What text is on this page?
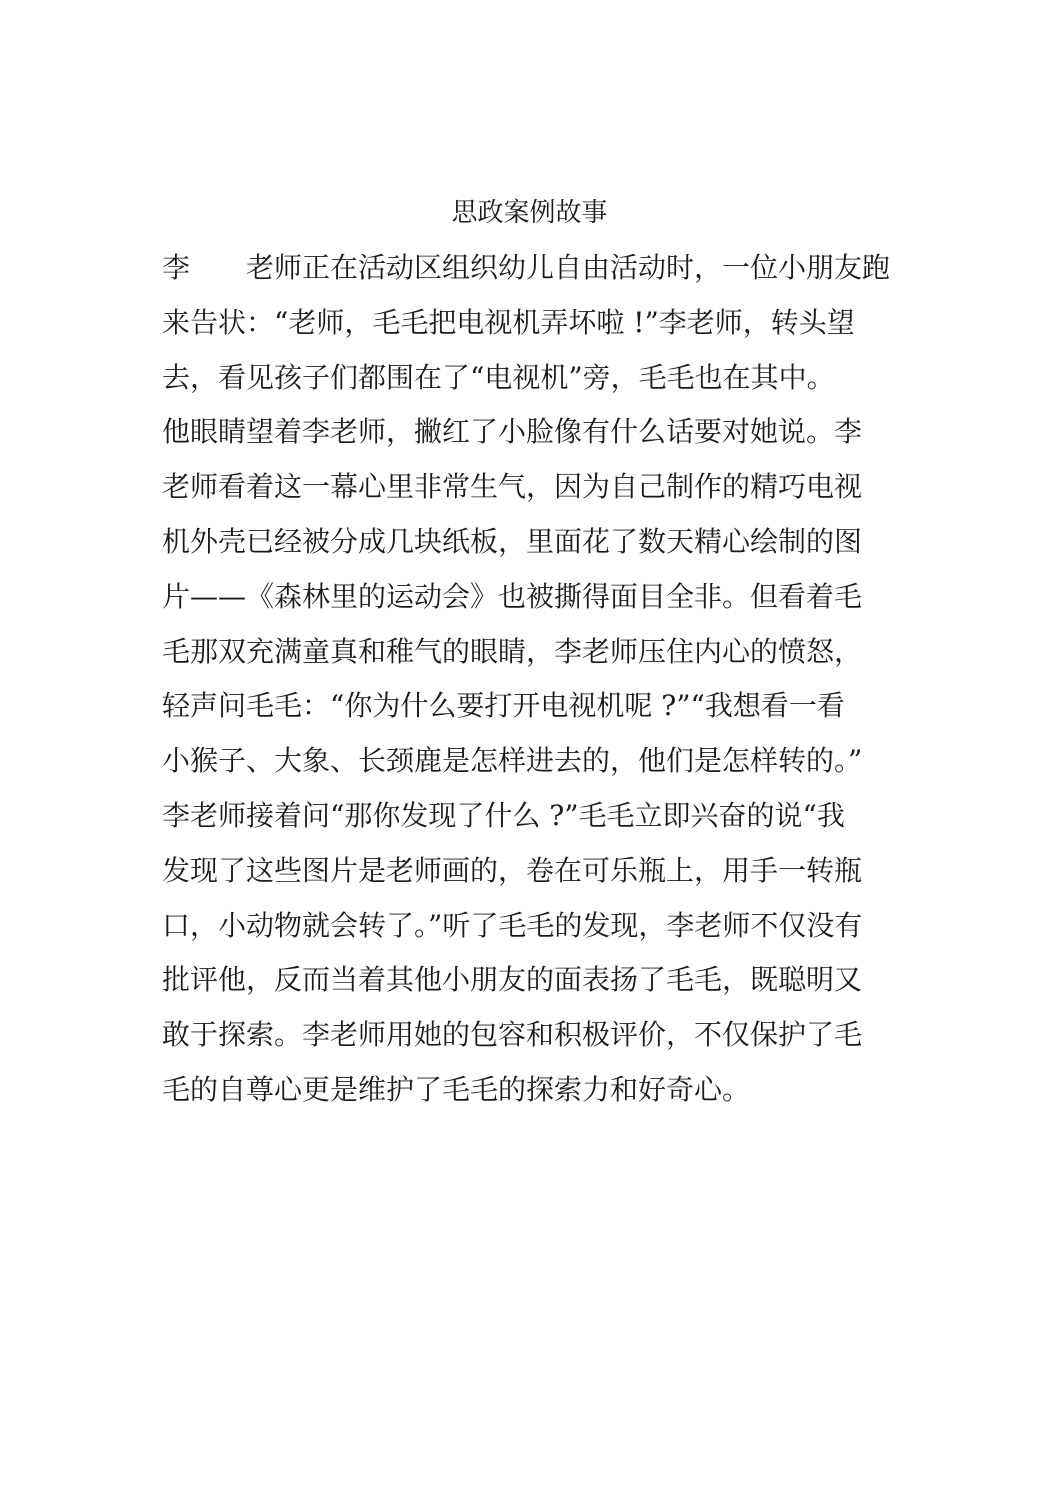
思政案例故事
李 老师正在活动区组织幼儿自由活动时，一位小朋友跑
来告状：“老师，毛毛把电视机弄坏啦 !”李老师，转头望
去，看见孩子们都围在了“电视机”旁，毛毛也在其中。
他眼睛望着李老师，撇红了小脸像有什么话要对她说。李
老师看着这一幕心里非常生气，因为自己制作的精巧电视
机外壳已经被分成几块纸板，里面花了数天精心绘制的图
片——《森林里的运动会》也被撕得面目全非。但看着毛
毛那双充满童真和稚气的眼睛，李老师压住内心的愤怒，
轻声问毛毛：“你为什么要打开电视机呢 ?”“我想看一看
小猴子、大象、长颈鹿是怎样进去的，他们是怎样转的。”
李老师接着问“那你发现了什么 ?”毛毛立即兴奋的说“我
发现了这些图片是老师画的，卷在可乐瓶上，用手一转瓶
口，小动物就会转了。”听了毛毛的发现，李老师不仅没有
批评他，反而当着其他小朋友的面表扬了毛毛，既聪明又
敢于探索。李老师用她的包容和积极评价，不仅保护了毛
毛的自尊心更是维护了毛毛的探索力和好奇心。
